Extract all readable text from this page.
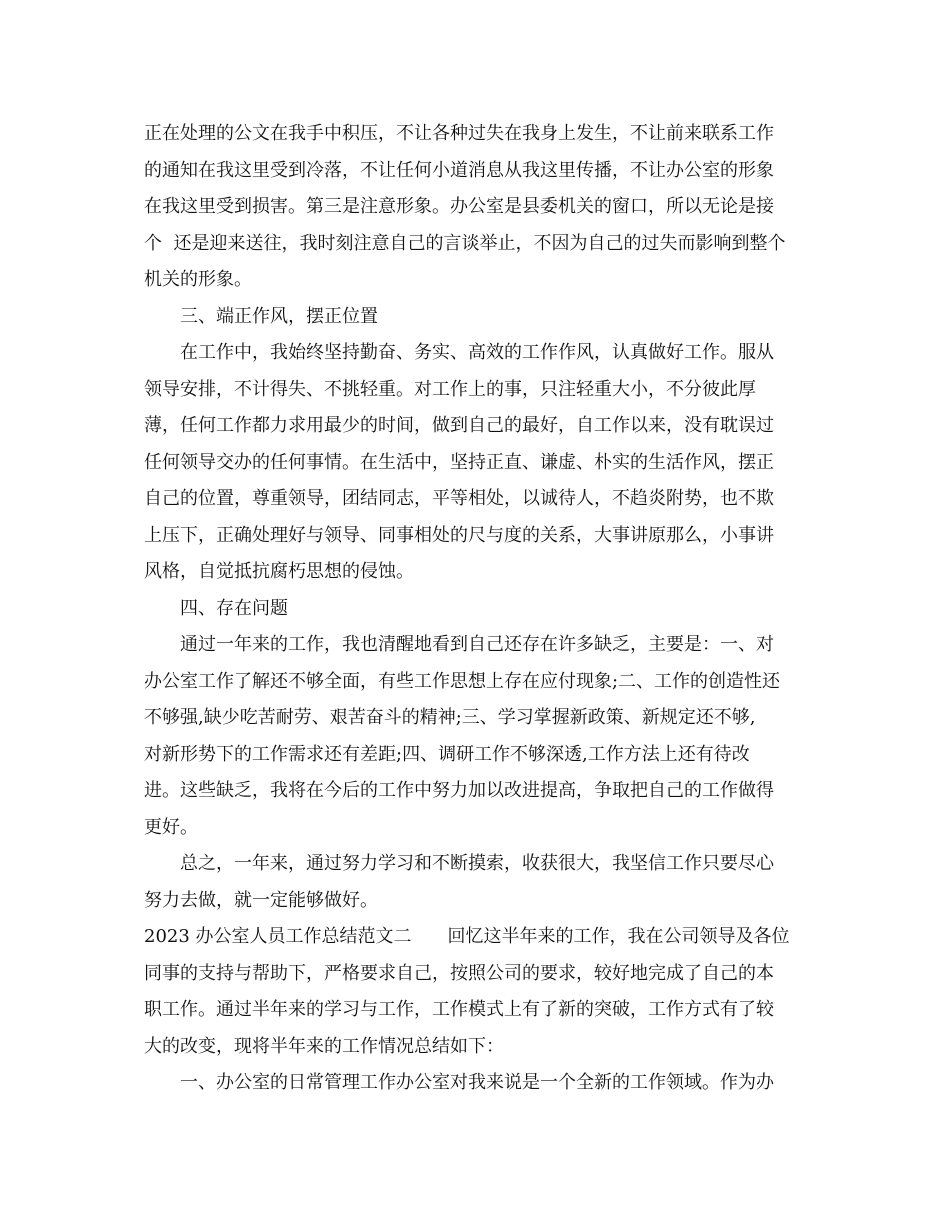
正在处理的公文在我手中积压，不让各种过失在我身上发生，不让前来联系工作
的通知在我这里受到冷落，不让任何小道消息从我这里传播，不让办公室的形象
在我这里受到损害。第三是注意形象。办公室是县委机关的窗口，所以无论是接
个  还是迎来送往，我时刻注意自己的言谈举止，不因为自己的过失而影响到整个
机关的形象。
三、端正作风，摆正位置
在工作中，我始终坚持勤奋、务实、高效的工作作风，认真做好工作。服从
领导安排，不计得失、不挑轻重。对工作上的事，只注轻重大小，不分彼此厚
薄，任何工作都力求用最少的时间，做到自己的最好，自工作以来，没有耽误过
任何领导交办的任何事情。在生活中，坚持正直、谦虚、朴实的生活作风，摆正
自己的位置，尊重领导，团结同志，平等相处，以诚待人，不趋炎附势，也不欺
上压下，正确处理好与领导、同事相处的尺与度的关系，大事讲原那么，小事讲
风格，自觉抵抗腐朽思想的侵蚀。
四、存在问题
通过一年来的工作，我也清醒地看到自己还存在许多缺乏，主要是：一、对
办公室工作了解还不够全面，有些工作思想上存在应付现象;二、工作的创造性还
不够强,缺少吃苦耐劳、艰苦奋斗的精神;三、学习掌握新政策、新规定还不够,
对新形势下的工作需求还有差距;四、调研工作不够深透,工作方法上还有待改
进。这些缺乏，我将在今后的工作中努力加以改进提高，争取把自己的工作做得
更好。
总之，一年来，通过努力学习和不断摸索，收获很大，我坚信工作只要尽心
努力去做，就一定能够做好。
2023 办公室人员工作总结范文二　　回忆这半年来的工作，我在公司领导及各位
同事的支持与帮助下，严格要求自己，按照公司的要求，较好地完成了自己的本
职工作。通过半年来的学习与工作，工作模式上有了新的突破，工作方式有了较
大的改变，现将半年来的工作情况总结如下：
一、办公室的日常管理工作办公室对我来说是一个全新的工作领域。作为办
